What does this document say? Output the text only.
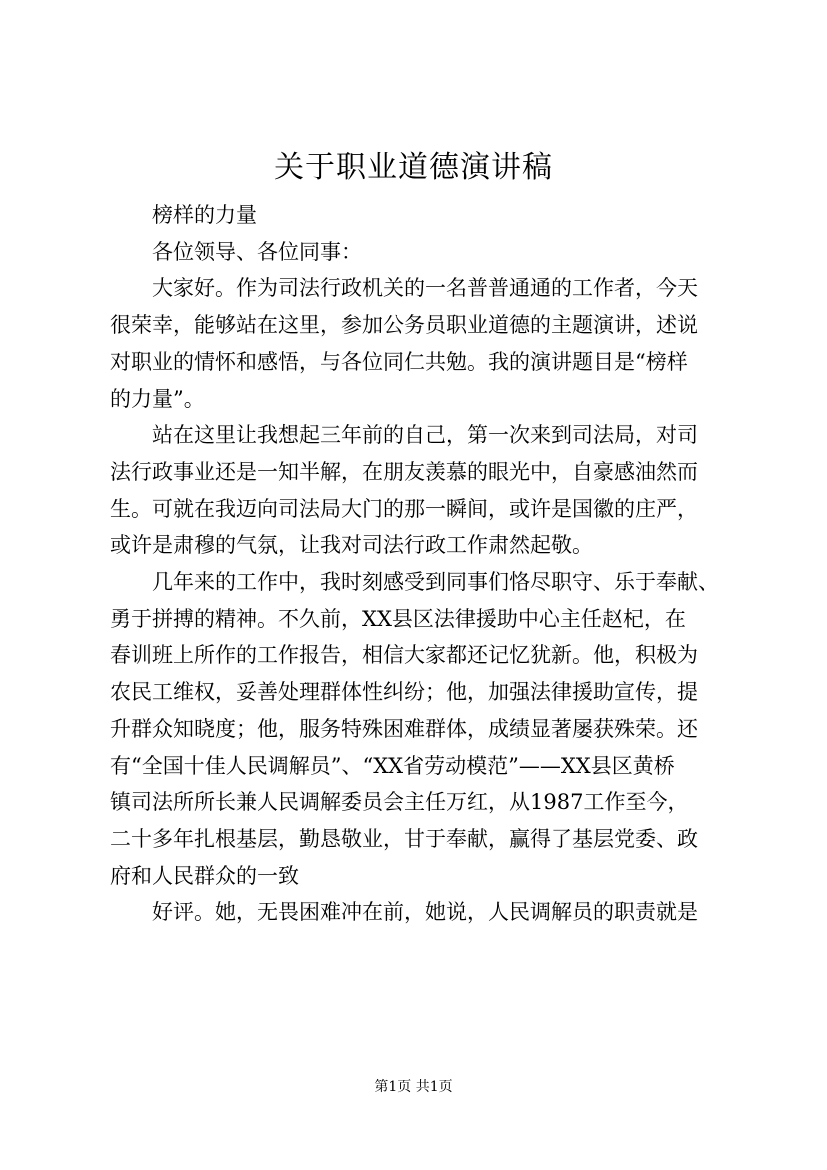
关于职业道德演讲稿

榜样的力量

各位领导、各位同事：

大家好。作为司法行政机关的一名普普通通的工作者，今天

很荣幸，能够站在这里，参加公务员职业道德的主题演讲，述说

对职业的情怀和感悟，与各位同仁共勉。我的演讲题目是“榜样

的力量”。

站在这里让我想起三年前的自己，第一次来到司法局，对司

法行政事业还是一知半解，在朋友羡慕的眼光中，自豪感油然而

生。可就在我迈向司法局大门的那一瞬间，或许是国徽的庄严，

或许是肃穆的气氛，让我对司法行政工作肃然起敬。

几年来的工作中，我时刻感受到同事们恪尽职守、乐于奉献、

勇于拼搏的精神。不久前，XX县区法律援助中心主任赵杞，在

春训班上所作的工作报告，相信大家都还记忆犹新。他，积极为

农民工维权，妥善处理群体性纠纷；他，加强法律援助宣传，提

升群众知晓度；他，服务特殊困难群体，成绩显著屡获殊荣。还

有“全国十佳人民调解员”、“XX省劳动模范”——XX县区黄桥

镇司法所所长兼人民调解委员会主任万红，从1987工作至今，

二十多年扎根基层，勤恳敬业，甘于奉献，赢得了基层党委、政

府和人民群众的一致

好评。她，无畏困难冲在前，她说，人民调解员的职责就是

第1页 共1页
